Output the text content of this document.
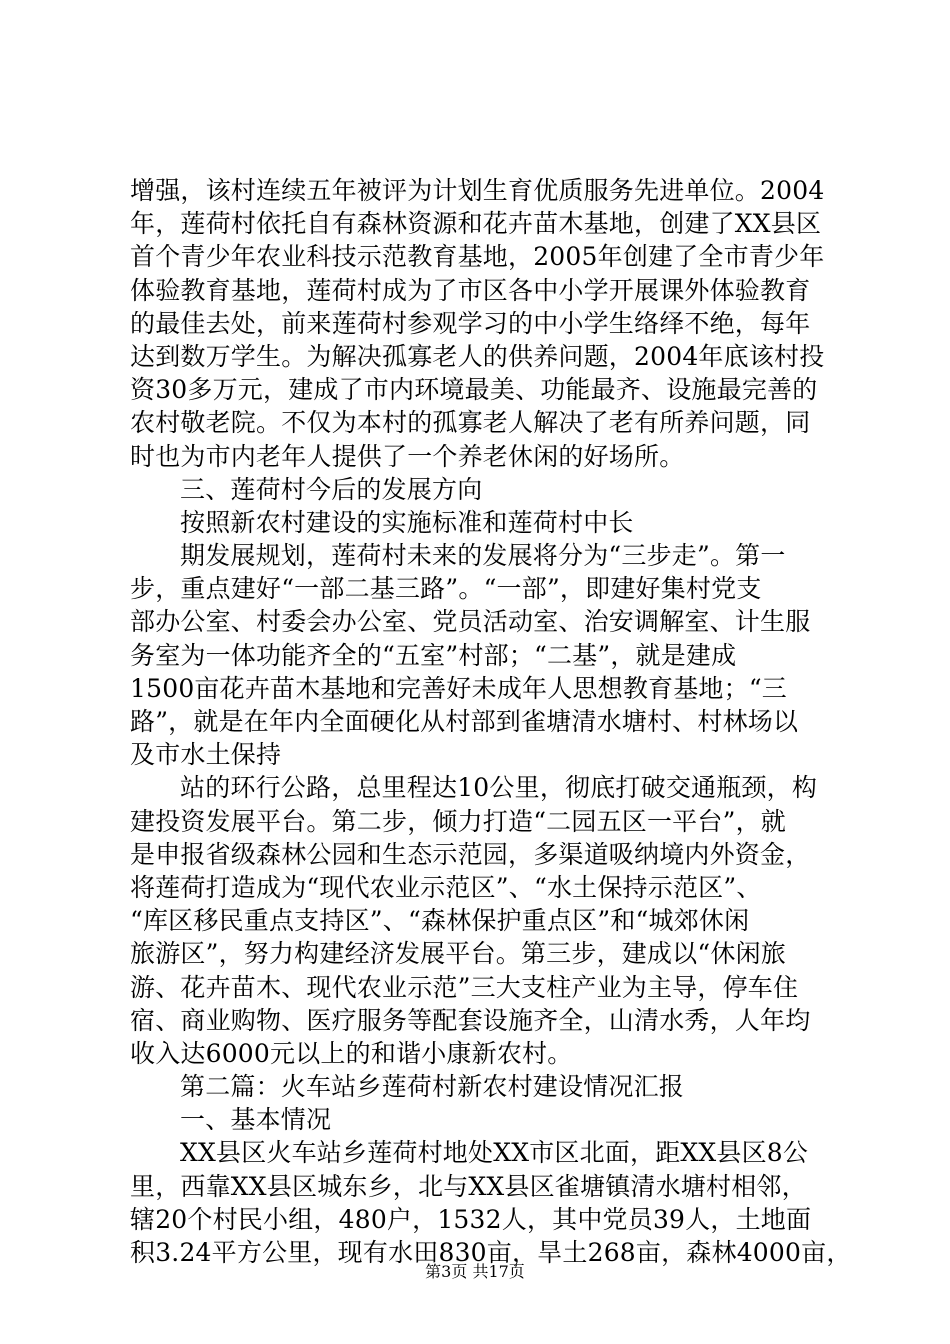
增强，该村连续五年被评为计划生育优质服务先进单位。2004
年，莲荷村依托自有森林资源和花卉苗木基地，创建了XX县区
首个青少年农业科技示范教育基地，2005年创建了全市青少年
体验教育基地，莲荷村成为了市区各中小学开展课外体验教育
的最佳去处，前来莲荷村参观学习的中小学生络绎不绝，每年
达到数万学生。为解决孤寡老人的供养问题，2004年底该村投
资30多万元，建成了市内环境最美、功能最齐、设施最完善的
农村敬老院。不仅为本村的孤寡老人解决了老有所养问题，同
时也为市内老年人提供了一个养老休闲的好场所。
三、莲荷村今后的发展方向
按照新农村建设的实施标准和莲荷村中长
期发展规划，莲荷村未来的发展将分为“三步走”。第一
步，重点建好“一部二基三路”。“一部”，即建好集村党支
部办公室、村委会办公室、党员活动室、治安调解室、计生服
务室为一体功能齐全的“五室”村部；“二基”，就是建成
1500亩花卉苗木基地和完善好未成年人思想教育基地；“三
路”，就是在年内全面硬化从村部到雀塘清水塘村、村林场以
及市水土保持
站的环行公路，总里程达10公里，彻底打破交通瓶颈，构
建投资发展平台。第二步，倾力打造“二园五区一平台”，就
是申报省级森林公园和生态示范园，多渠道吸纳境内外资金，
将莲荷打造成为“现代农业示范区”、“水土保持示范区”、
“库区移民重点支持区”、“森林保护重点区”和“城郊休闲
旅游区”，努力构建经济发展平台。第三步，建成以“休闲旅
游、花卉苗木、现代农业示范”三大支柱产业为主导，停车住
宿、商业购物、医疗服务等配套设施齐全，山清水秀，人年均
收入达6000元以上的和谐小康新农村。
第二篇：火车站乡莲荷村新农村建设情况汇报
一、基本情况
XX县区火车站乡莲荷村地处XX市区北面，距XX县区8公
里，西靠XX县区城东乡，北与XX县区雀塘镇清水塘村相邻，
辖20个村民小组，480户，1532人，其中党员39人，土地面
积3.24平方公里，现有水田830亩，旱土268亩，森林4000亩，
第3页 共17页
